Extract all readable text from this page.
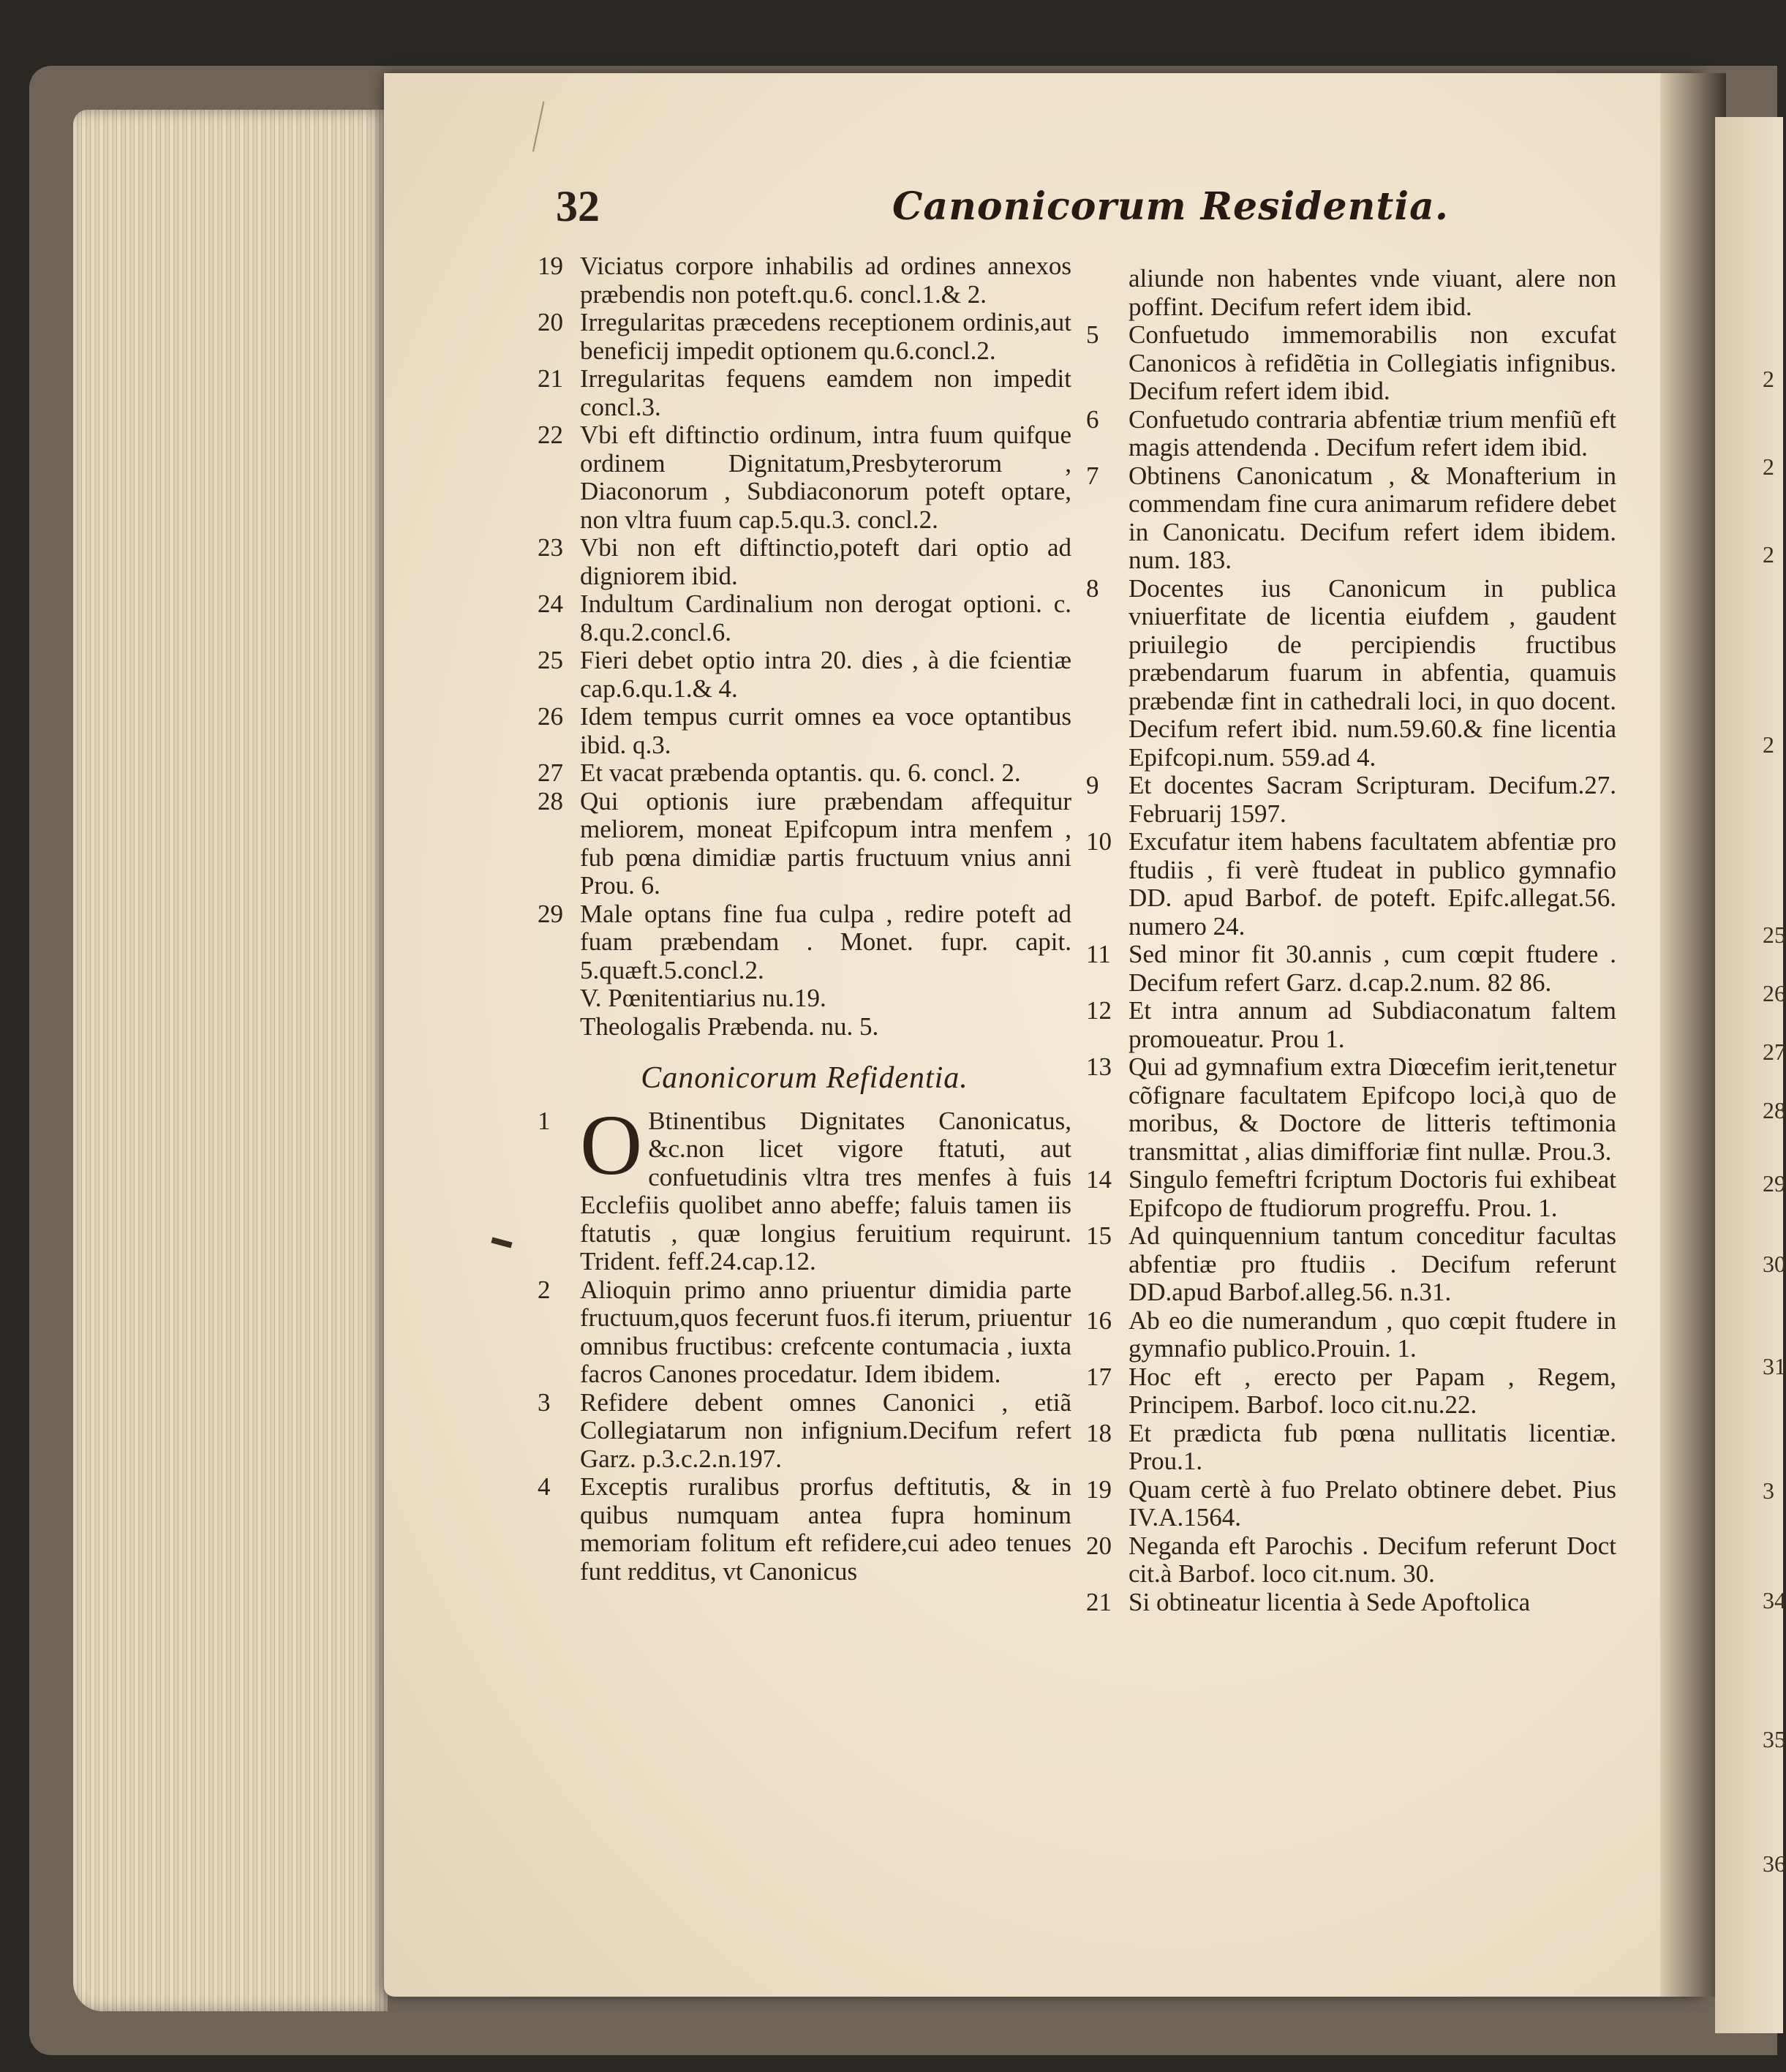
2
2
2
2
25
26
27
28
29
30
31
3
34
35
36
32	Canonicorum Residentia.
19 Viciatus corpore inhabilis ad ordines annexos præbendis non poteft.qu.6. concl.1.& 2.
20 Irregularitas præcedens receptionem ordinis,aut beneficij impedit optionem qu.6.concl.2.
21 Irregularitas fequens eamdem non impedit concl.3.
22 Vbi eft diftinctio ordinum, intra fuum quifque ordinem Dignitatum,Presbyterorum , Diaconorum , Subdiaconorum poteft optare, non vltra fuum cap.5.qu.3. concl.2.
23 Vbi non eft diftinctio,poteft dari optio ad digniorem ibid.
24 Indultum Cardinalium non derogat optioni. c. 8.qu.2.concl.6.
25 Fieri debet optio intra 20. dies , à die fcientiæ cap.6.qu.1.& 4.
26 Idem tempus currit omnes ea voce optantibus ibid. q.3.
27 Et vacat præbenda optantis. qu. 6. concl. 2.
28 Qui optionis iure præbendam affequitur meliorem, moneat Epifcopum intra menfem , fub pœna dimidiæ partis fructuum vnius anni Prou. 6.
29 Male optans fine fua culpa , redire poteft ad fuam præbendam . Monet. fupr. capit. 5.quæft.5.concl.2.
V. Pœnitentiarius nu.19.
Theologalis Præbenda. nu. 5.
Canonicorum Refidentia.
1 O Btinentibus Dignitates Canonicatus, &c.non licet vigore ftatuti, aut confuetudinis vltra tres menfes à fuis Ecclefiis quolibet anno abeffe; faluis tamen iis ftatutis , quæ longius feruitium requirunt. Trident. feff.24.cap.12.
2	Alioquin primo anno priuentur dimidia parte fructuum,quos fecerunt fuos.fi iterum, priuentur omnibus fructibus: crefcente contumacia , iuxta facros Canones procedatur. Idem ibidem.
3	Refidere debent omnes Canonici , etiã Collegiatarum non infignium.Decifum refert Garz. p.3.c.2.n.197.
4	Exceptis ruralibus prorfus deftitutis, & in quibus numquam antea fupra hominum memoriam folitum eft refidere,cui adeo tenues funt redditus, vt Canonicus
aliunde non habentes vnde viuant, alere non poffint. Decifum refert idem ibid.
5	Confuetudo immemorabilis non excufat Canonicos à refidẽtia in Collegiatis infignibus. Decifum refert idem ibid.
6	Confuetudo contraria abfentiæ trium menfiũ eft magis attendenda . Decifum refert idem ibid.
7	Obtinens Canonicatum , & Monafterium in commendam fine cura animarum refidere debet in Canonicatu. Decifum refert idem ibidem. num. 183.
8	Docentes ius Canonicum in publica vniuerfitate de licentia eiufdem , gaudent priuilegio de percipiendis fructibus præbendarum fuarum in abfentia, quamuis præbendæ fint in cathedrali loci, in quo docent. Decifum refert ibid. num.59.60.& fine licentia Epifcopi.num. 559.ad 4.
9	Et docentes Sacram Scripturam. Decifum.27. Februarij 1597.
10 Excufatur item habens facultatem abfentiæ pro ftudiis , fi verè ftudeat in publico gymnafio DD. apud Barbof. de poteft. Epifc.allegat.56. numero 24.
11 Sed minor fit 30.annis , cum cœpit ftudere . Decifum refert Garz. d.cap.2.num. 82 86.
12 Et intra annum ad Subdiaconatum faltem promoueatur. Prou 1.
13 Qui ad gymnafium extra Diœcefim ierit,tenetur cõfignare facultatem Epifcopo loci,à quo de moribus, & Doctore de litteris teftimonia transmittat , alias dimifforiæ fint nullæ. Prou.3.
14 Singulo femeftri fcriptum Doctoris fui exhibeat Epifcopo de ftudiorum progreffu. Prou. 1.
15 Ad quinquennium tantum conceditur facultas abfentiæ pro ftudiis . Decifum referunt DD.apud Barbof.alleg.56. n.31.
16 Ab eo die numerandum , quo cœpit ftudere in gymnafio publico.Prouin. 1.
17 Hoc eft , erecto per Papam , Regem, Principem. Barbof. loco cit.nu.22.
18 Et prædicta fub pœna nullitatis licentiæ. Prou.1.
19 Quam certè à fuo Prelato obtinere debet. Pius IV.A.1564.
20 Neganda eft Parochis . Decifum referunt Doct cit.à Barbof. loco cit.num. 30.
21 Si obtineatur licentia à Sede Apoftolica
